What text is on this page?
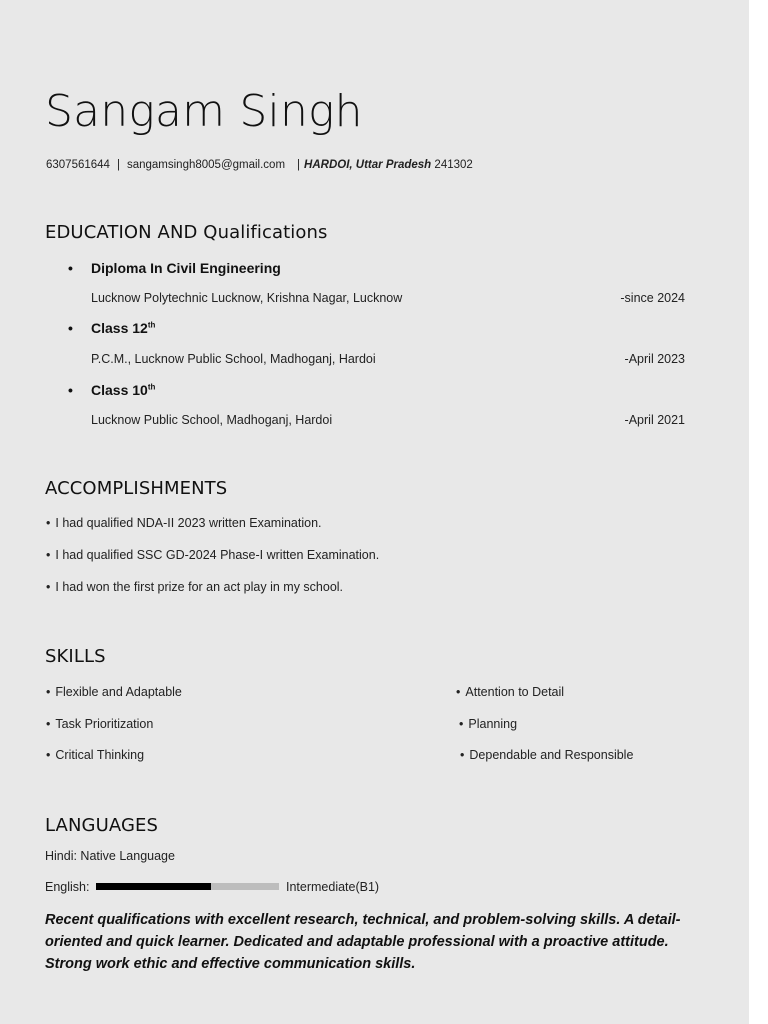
Sangam Singh
6307561644 | sangamsingh8005@gmail.com | HARDOI, Uttar Pradesh 241302
EDUCATION AND Qualifications
• Diploma In Civil Engineering
Lucknow Polytechnic Lucknow, Krishna Nagar, Lucknow	-since 2024
• Class 12th
P.C.M., Lucknow Public School, Madhoganj, Hardoi	-April 2023
• Class 10th
Lucknow Public School, Madhoganj, Hardoi	-April 2021
ACCOMPLISHMENTS
• I had qualified NDA-II 2023 written Examination.
• I had qualified SSC GD-2024 Phase-I written Examination.
• I had won the first prize for an act play in my school.
SKILLS
• Flexible and Adaptable
• Task Prioritization
• Critical Thinking
• Attention to Detail
• Planning
• Dependable and Responsible
LANGUAGES
Hindi: Native Language
English:	Intermediate(B1)
Recent qualifications with excellent research, technical, and problem-solving skills. A detail- oriented and quick learner. Dedicated and adaptable professional with a proactive attitude. Strong work ethic and effective communication skills.
